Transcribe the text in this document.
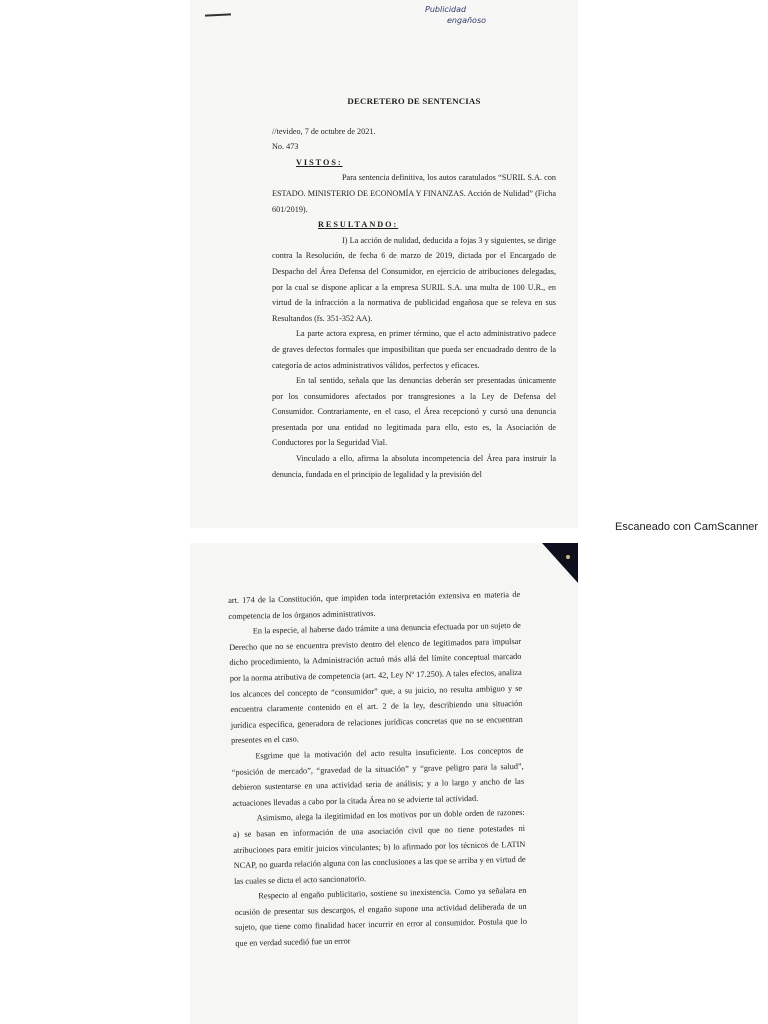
Publicidad
engañoso
DECRETERO DE SENTENCIAS

//tevideo, 7 de octubre de 2021.

No. 473

VISTOS:

Para sentencia definitiva, los autos caratulados “SURIL S.A. con ESTADO. MINISTERIO DE ECONOMÍA Y FINANZAS. Acción de Nulidad” (Ficha 601/2019).

RESULTANDO:

I) La acción de nulidad, deducida a fojas 3 y siguientes, se dirige contra la Resolución, de fecha 6 de marzo de 2019, dictada por el Encargado de Despacho del Área Defensa del Consumidor, en ejercicio de atribuciones delegadas, por la cual se dispone aplicar a la empresa SURIL S.A. una multa de 100 U.R., en virtud de la infracción a la normativa de publicidad engañosa que se releva en sus Resultandos (fs. 351-352 AA).

La parte actora expresa, en primer término, que el acto administrativo padece de graves defectos formales que imposibilitan que pueda ser encuadrado dentro de la categoría de actos administrativos válidos, perfectos y eficaces.

En tal sentido, señala que las denuncias deberán ser presentadas únicamente por los consumidores afectados por transgresiones a la Ley de Defensa del Consumidor. Contrariamente, en el caso, el Área recepcionó y cursó una denuncia presentada por una entidad no legitimada para ello, esto es, la Asociación de Conductores por la Seguridad Vial.

Vinculado a ello, afirma la absoluta incompetencia del Área para instruir la denuncia, fundada en el principio de legalidad y la previsión del

Escaneado con CamScanner

art. 174 de la Constitución, que impiden toda interpretación extensiva en materia de competencia de los órganos administrativos.

En la especie, al haberse dado trámite a una denuncia efectuada por un sujeto de Derecho que no se encuentra previsto dentro del elenco de legitimados para impulsar dicho procedimiento, la Administración actuó más allá del límite conceptual marcado por la norma atributiva de competencia (art. 42, Ley Nº 17.250). A tales efectos, analiza los alcances del concepto de “consumidor” que, a su juicio, no resulta ambiguo y se encuentra claramente contenido en el art. 2 de la ley, describiendo una situación jurídica específica, generadora de relaciones jurídicas concretas que no se encuentran presentes en el caso.

Esgrime que la motivación del acto resulta insuficiente. Los conceptos de “posición de mercado”, “gravedad de la situación” y “grave peligro para la salud”, debieron sustentarse en una actividad seria de análisis; y a lo largo y ancho de las actuaciones llevadas a cabo por la citada Área no se advierte tal actividad.

Asimismo, alega la ilegitimidad en los motivos por un doble orden de razones: a) se basan en información de una asociación civil que no tiene potestades ni atribuciones para emitir juicios vinculantes; b) lo afirmado por los técnicos de LATIN NCAP, no guarda relación alguna con las conclusiones a las que se arriba y en virtud de las cuales se dicta el acto sancionatorio.

Respecto al engaño publicitario, sostiene su inexistencia. Como ya señalara en ocasión de presentar sus descargos, el engaño supone una actividad deliberada de un sujeto, que tiene como finalidad hacer incurrir en error al consumidor. Postula que lo que en verdad sucedió fue un error
